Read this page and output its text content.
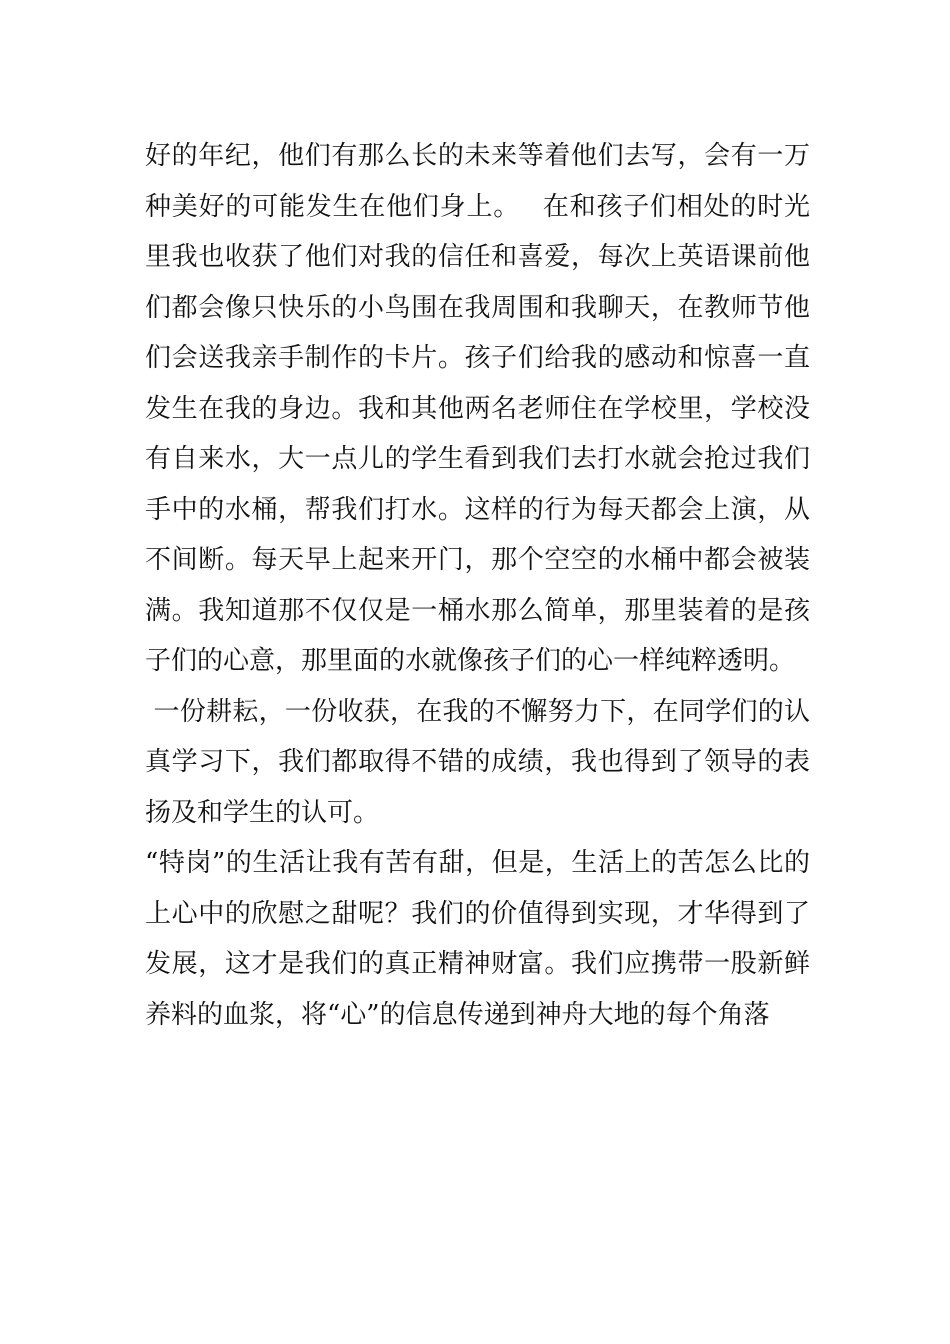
好的年纪，他们有那么长的未来等着他们去写，会有一万
种美好的可能发生在他们身上。　 在和孩子们相处的时光
里我也收获了他们对我的信任和喜爱，每次上英语课前他
们都会像只快乐的小鸟围在我周围和我聊天，在教师节他
们会送我亲手制作的卡片。孩子们给我的感动和惊喜一直
发生在我的身边。我和其他两名老师住在学校里，学校没
有自来水，大一点儿的学生看到我们去打水就会抢过我们
手中的水桶，帮我们打水。这样的行为每天都会上演，从
不间断。每天早上起来开门，那个空空的水桶中都会被装
满。我知道那不仅仅是一桶水那么简单，那里装着的是孩
子们的心意，那里面的水就像孩子们的心一样纯粹透明。
一份耕耘，一份收获，在我的不懈努力下，在同学们的认
真学习下，我们都取得不错的成绩，我也得到了领导的表
扬及和学生的认可。
“特岗”的生活让我有苦有甜，但是，生活上的苦怎么比的
上心中的欣慰之甜呢？我们的价值得到实现，才华得到了
发展，这才是我们的真正精神财富。我们应携带一股新鲜
养料的血浆，将“心”的信息传递到神舟大地的每个角落
